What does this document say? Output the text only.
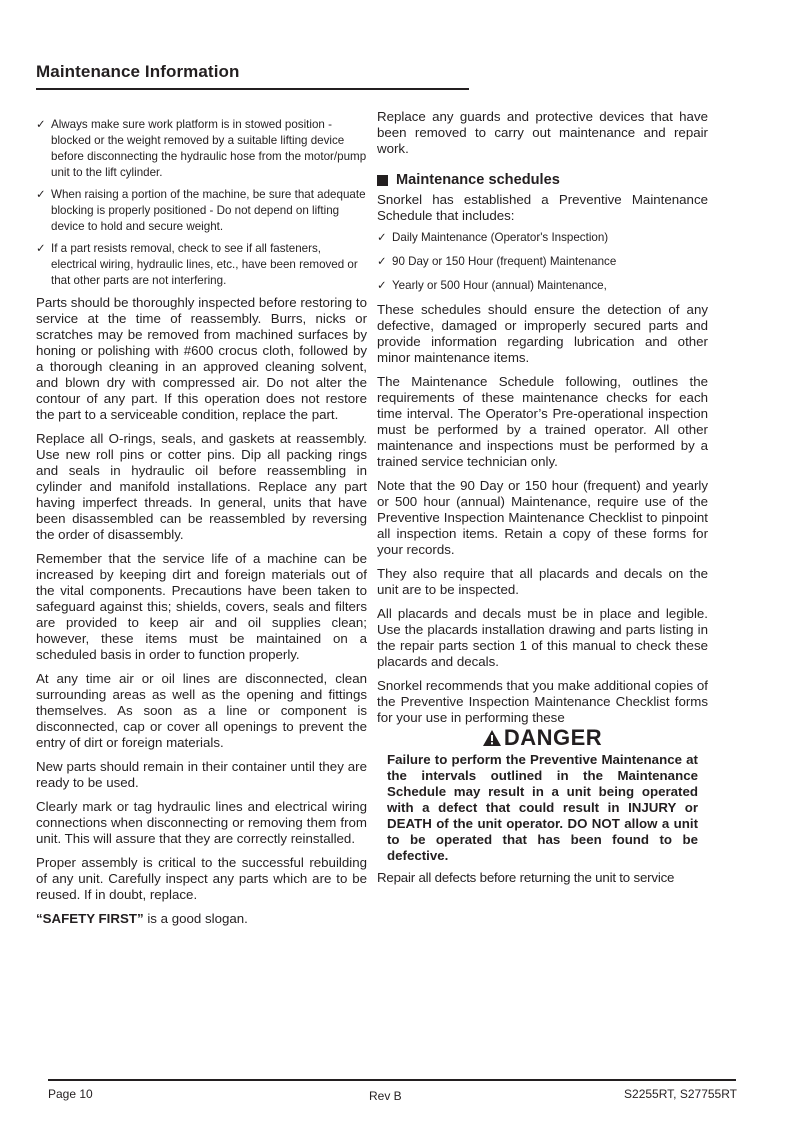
Maintenance Information
✓ Always make sure work platform is in stowed position - blocked or the weight removed by a suitable lifting device before disconnecting the hydraulic hose from the motor/pump unit to the lift cylinder.
✓ When raising a portion of the machine, be sure that adequate blocking is properly positioned - Do not depend on lifting device to hold and secure weight.
✓ If a part resists removal, check to see if all fasteners, electrical wiring, hydraulic lines, etc., have been removed or that other parts are not interfering.

Parts should be thoroughly inspected before restoring to service at the time of reassembly. Burrs, nicks or scratches may be removed from machined surfaces by honing or polishing with #600 crocus cloth, followed by a thorough cleaning in an approved cleaning solvent, and blown dry with compressed air. Do not alter the contour of any part. If this operation does not restore the part to a serviceable condition, replace the part.

Replace all O-rings, seals, and gaskets at reassembly. Use new roll pins or cotter pins. Dip all packing rings and seals in hydraulic oil before reassembling in cylinder and manifold installations. Replace any part having imperfect threads. In general, units that have been disassembled can be reassembled by reversing the order of disassembly.

Remember that the service life of a machine can be increased by keeping dirt and foreign materials out of the vital components. Precautions have been taken to safeguard against this; shields, covers, seals and filters are provided to keep air and oil supplies clean; however, these items must be maintained on a scheduled basis in order to function properly.

At any time air or oil lines are disconnected, clean surrounding areas as well as the opening and fittings themselves. As soon as a line or component is disconnected, cap or cover all openings to prevent the entry of dirt or foreign materials.

New parts should remain in their container until they are ready to be used.

Clearly mark or tag hydraulic lines and electrical wiring connections when disconnecting or removing them from unit. This will assure that they are correctly reinstalled.

Proper assembly is critical to the successful rebuilding of any unit. Carefully inspect any parts which are to be reused. If in doubt, replace.

“SAFETY FIRST” is a good slogan.

Replace any guards and protective devices that have been removed to carry out maintenance and repair work.

Maintenance schedules

Snorkel has established a Preventive Maintenance Schedule that includes:

✓ Daily Maintenance (Operator's Inspection)
✓ 90 Day or 150 Hour (frequent) Maintenance
✓ Yearly or 500 Hour (annual) Maintenance,

These schedules should ensure the detection of any defective, damaged or improperly secured parts and provide information regarding lubrication and other minor maintenance items.

The Maintenance Schedule following, outlines the requirements of these maintenance checks for each time interval. The Operator’s Pre-operational inspection must be performed by a trained operator. All other maintenance and inspections must be performed by a trained service technician only.

Note that the 90 Day or 150 hour (frequent) and yearly or 500 hour (annual) Maintenance, require use of the Preventive Inspection Maintenance Checklist to pinpoint all inspection items. Retain a copy of these forms for your records.

They also require that all placards and decals on the unit are to be inspected.

All placards and decals must be in place and legible. Use the placards installation drawing and parts listing in the repair parts section 1 of this manual to check these placards and decals.

Snorkel recommends that you make additional copies of the Preventive Inspection Maintenance Checklist forms for your use in performing these

DANGER

Failure to perform the Preventive Maintenance at the intervals outlined in the Maintenance Schedule may result in a unit being operated with a defect that could result in INJURY or DEATH of the unit operator. DO NOT allow a unit to be operated that has been found to be defective.

Repair all defects before returning the unit to service

Page 10	Rev B	S2255RT, S27755RT
